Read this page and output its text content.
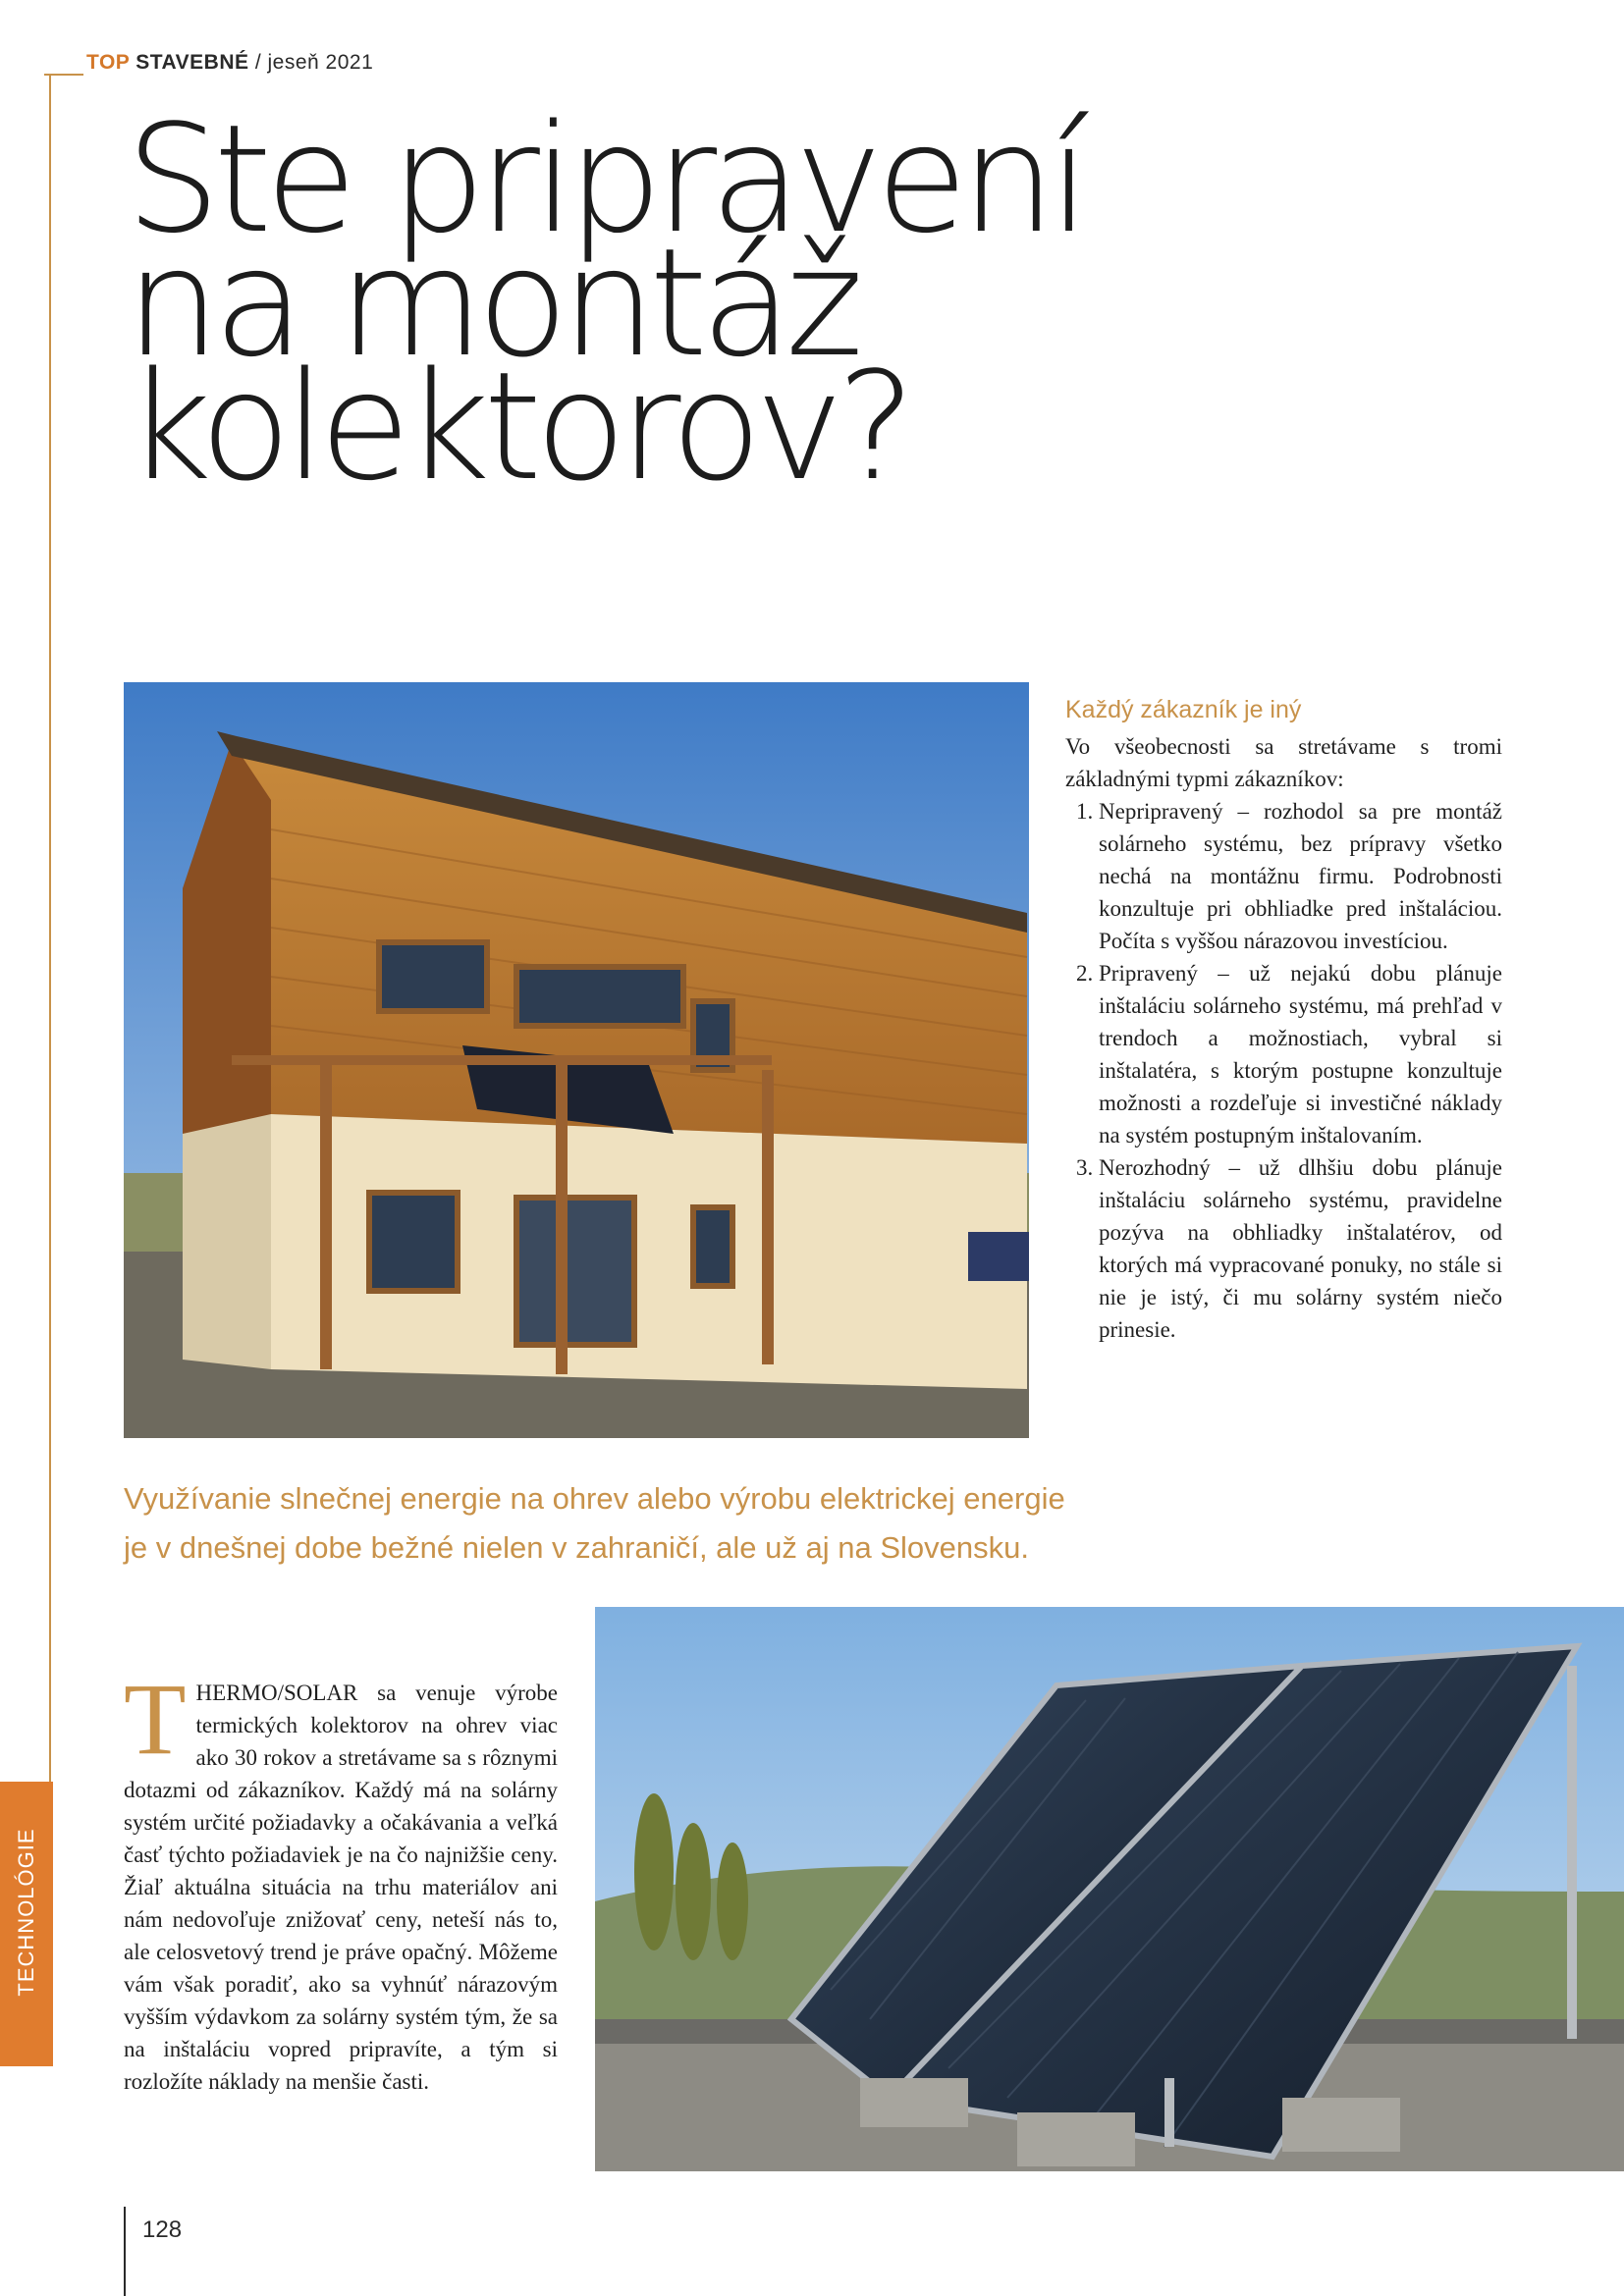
TOP STAVEBNÉ / jeseň 2021
Ste pripravení
na montáž
kolektorov?
Každý zákazník je iný

Vo všeobecnosti sa stretávame s tromi základnými typmi zákazníkov:

1. Nepripravený – rozhodol sa pre montáž solárneho systému, bez prípravy všetko nechá na montážnu firmu. Podrobnosti konzultuje pri obhliadke pred inštaláciou. Počíta s vyššou nárazovou investíciou.
2. Pripravený – už nejakú dobu plánuje inštaláciu solárneho systému, má prehľad v trendoch a možnostiach, vybral si inštalatéra, s ktorým postupne konzultuje možnosti a rozdeľuje si investičné náklady na systém postupným inštalovaním.
3. Nerozhodný – už dlhšiu dobu plánuje inštaláciu solárneho systému, pravidelne pozýva na obhliadky inštalatérov, od ktorých má vypracované ponuky, no stále si nie je istý, či mu solárny systém niečo prinesie.
Využívanie slnečnej energie na ohrev alebo výrobu elektrickej energie
je v dnešnej dobe bežné nielen v zahraničí, ale už aj na Slovensku.
THERMO/SOLAR sa venuje výrobe termických kolektorov na ohrev viac ako 30 rokov a stretávame sa s rôznymi dotazmi od zákazníkov. Každý má na solárny systém určité požiadavky a očakávania a veľká časť týchto požiadaviek je na čo najnižšie ceny. Žiaľ aktuálna situácia na trhu materiálov ani nám nedovoľuje znižovať ceny, neteší nás to, ale celosvetový trend je práve opačný. Môžeme vám však poradiť, ako sa vyhnúť nárazovým vyšším výdavkom za solárny systém tým, že sa na inštaláciu vopred pripravíte, a tým si rozložíte náklady na menšie časti.
TECHNOLÓGIE
128
